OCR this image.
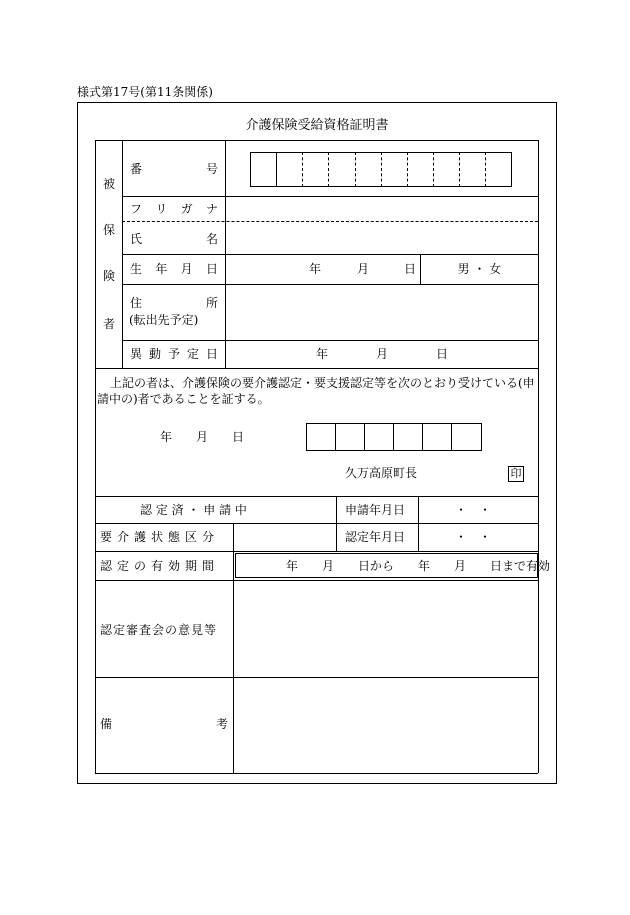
様式第17号(第11条関係)
介護保険受給資格証明書
被
保
険
者
番	号
フ リ ガ ナ
氏	名
生 年 月 日	年	月	日	男 ・ 女
住	所
(転出先予定)
異 動 予 定 日	年	月	日
上記の者は、介護保険の要介護認定・要支援認定等を次のとおり受けている(申
請中の)者であることを証する。
年 月 日
久万高原町長	印
認 定 済 ・ 申 請 中	申請年月日	・　・
要介護状態区分	認定年月日	・　・
認定の有効期間	年　　月　　日から　　年　　月　　日まで有効
認定審査会の意見等
備	考
